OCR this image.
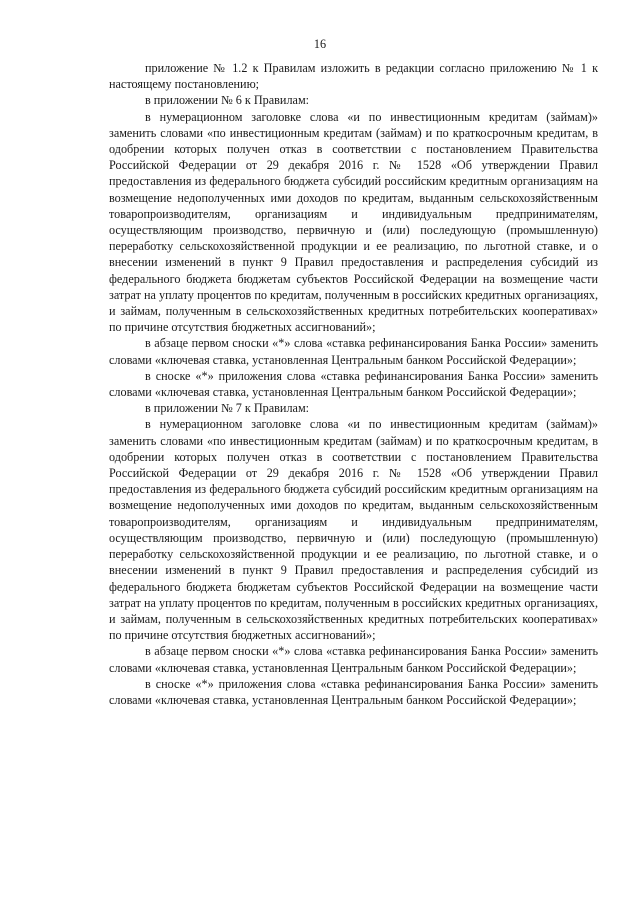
16

приложение № 1.2 к Правилам изложить в редакции согласно приложению № 1 к настоящему постановлению;

в приложении № 6 к Правилам:

в нумерационном заголовке слова «и по инвестиционным кредитам (займам)» заменить словами «по инвестиционным кредитам (займам) и по краткосрочным кредитам, в одобрении которых получен отказ в соответствии с постановлением Правительства Российской Федерации от 29 декабря 2016 г. № 1528 «Об утверждении Правил предоставления из федерального бюджета субсидий российским кредитным организациям на возмещение недополученных ими доходов по кредитам, выданным сельскохозяйственным товаропроизводителям, организациям и индивидуальным предпринимателям, осуществляющим производство, первичную и (или) последующую (промышленную) переработку сельскохозяйственной продукции и ее реализацию, по льготной ставке, и о внесении изменений в пункт 9 Правил предоставления и распределения субсидий из федерального бюджета бюджетам субъектов Российской Федерации на возмещение части затрат на уплату процентов по кредитам, полученным в российских кредитных организациях, и займам, полученным в сельскохозяйственных кредитных потребительских кооперативах» по причине отсутствия бюджетных ассигнований»;

в абзаце первом сноски «*» слова «ставка рефинансирования Банка России» заменить словами «ключевая ставка, установленная Центральным банком Российской Федерации»;

в сноске «*» приложения слова «ставка рефинансирования Банка России» заменить словами «ключевая ставка, установленная Центральным банком Российской Федерации»;

в приложении № 7 к Правилам:

в нумерационном заголовке слова «и по инвестиционным кредитам (займам)» заменить словами «по инвестиционным кредитам (займам) и по краткосрочным кредитам, в одобрении которых получен отказ в соответствии с постановлением Правительства Российской Федерации от 29 декабря 2016 г. № 1528 «Об утверждении Правил предоставления из федерального бюджета субсидий российским кредитным организациям на возмещение недополученных ими доходов по кредитам, выданным сельскохозяйственным товаропроизводителям, организациям и индивидуальным предпринимателям, осуществляющим производство, первичную и (или) последующую (промышленную) переработку сельскохозяйственной продукции и ее реализацию, по льготной ставке, и о внесении изменений в пункт 9 Правил предоставления и распределения субсидий из федерального бюджета бюджетам субъектов Российской Федерации на возмещение части затрат на уплату процентов по кредитам, полученным в российских кредитных организациях, и займам, полученным в сельскохозяйственных кредитных потребительских кооперативах» по причине отсутствия бюджетных ассигнований»;

в абзаце первом сноски «*» слова «ставка рефинансирования Банка России» заменить словами «ключевая ставка, установленная Центральным банком Российской Федерации»;

в сноске «*» приложения слова «ставка рефинансирования Банка России» заменить словами «ключевая ставка, установленная Центральным банком Российской Федерации»;
